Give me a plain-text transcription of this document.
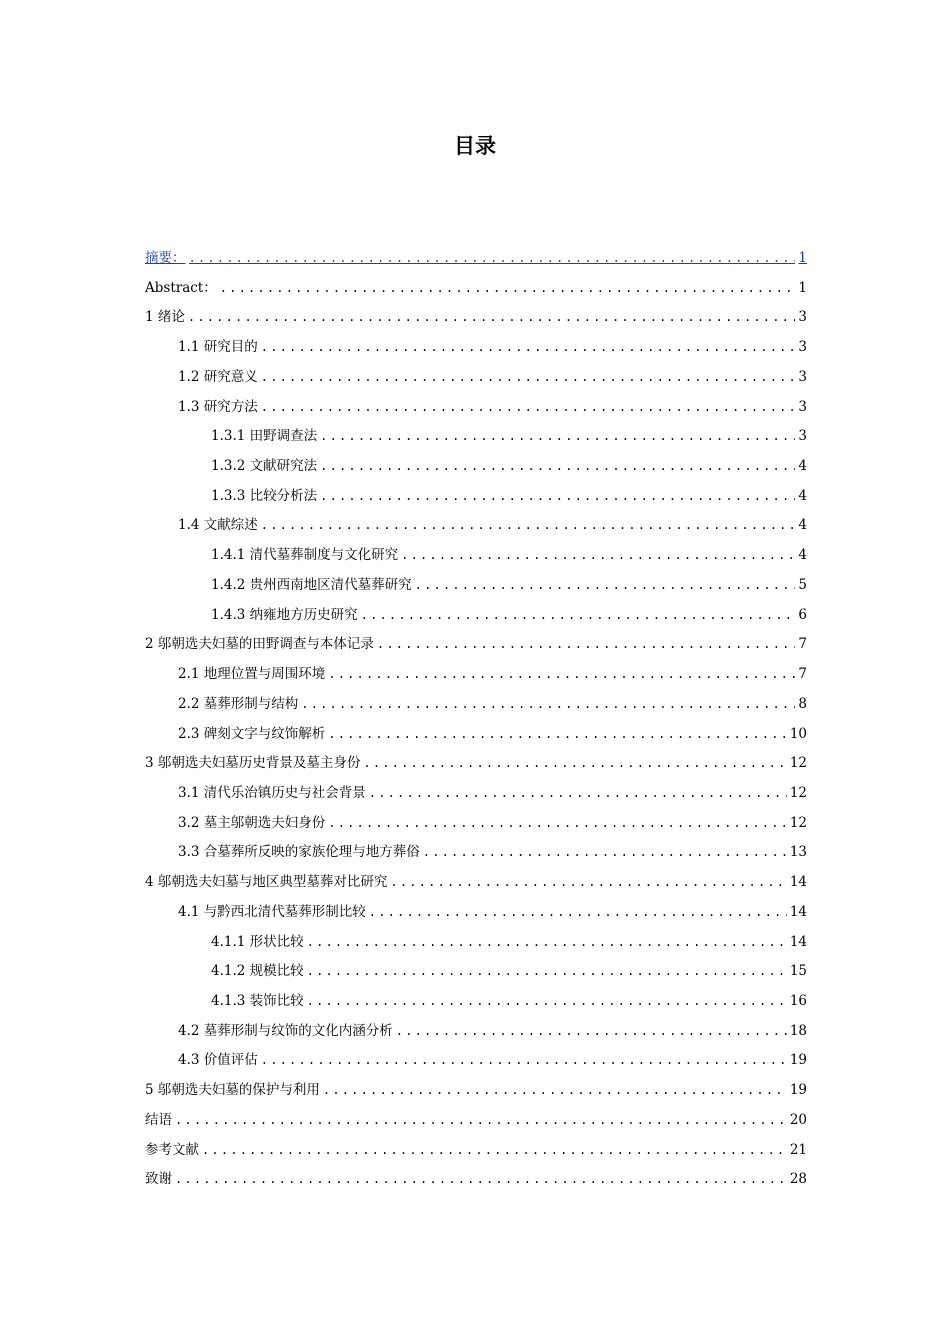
目录
摘要： .....	1
Abstract： .....	1
1 绪论 .....	3
1.1 研究目的 .....	3
1.2 研究意义 .....	3
1.3 研究方法 .....	3
1.3.1 田野调查法 .....	3
1.3.2 文献研究法 .....	4
1.3.3 比较分析法 .....	4
1.4 文献综述 .....	4
1.4.1 清代墓葬制度与文化研究 .....	4
1.4.2 贵州西南地区清代墓葬研究 .....	5
1.4.3 纳雍地方历史研究 .....	6
2 邬朝选夫妇墓的田野调查与本体记录 .....	7
2.1 地理位置与周围环境 .....	7
2.2 墓葬形制与结构 .....	8
2.3 碑刻文字与纹饰解析 .....	10
3 邬朝选夫妇墓历史背景及墓主身份 .....	12
3.1 清代乐治镇历史与社会背景 .....	12
3.2 墓主邬朝选夫妇身份 .....	12
3.3 合墓葬所反映的家族伦理与地方葬俗 .....	13
4 邬朝选夫妇墓与地区典型墓葬对比研究 .....	14
4.1 与黔西北清代墓葬形制比较 .....	14
4.1.1 形状比较 .....	14
4.1.2 规模比较 .....	15
4.1.3 装饰比较 .....	16
4.2 墓葬形制与纹饰的文化内涵分析 .....	18
4.3 价值评估 .....	19
5 邬朝选夫妇墓的保护与利用 .....	19
结语 .....	20
参考文献 .....	21
致谢 .....	28
